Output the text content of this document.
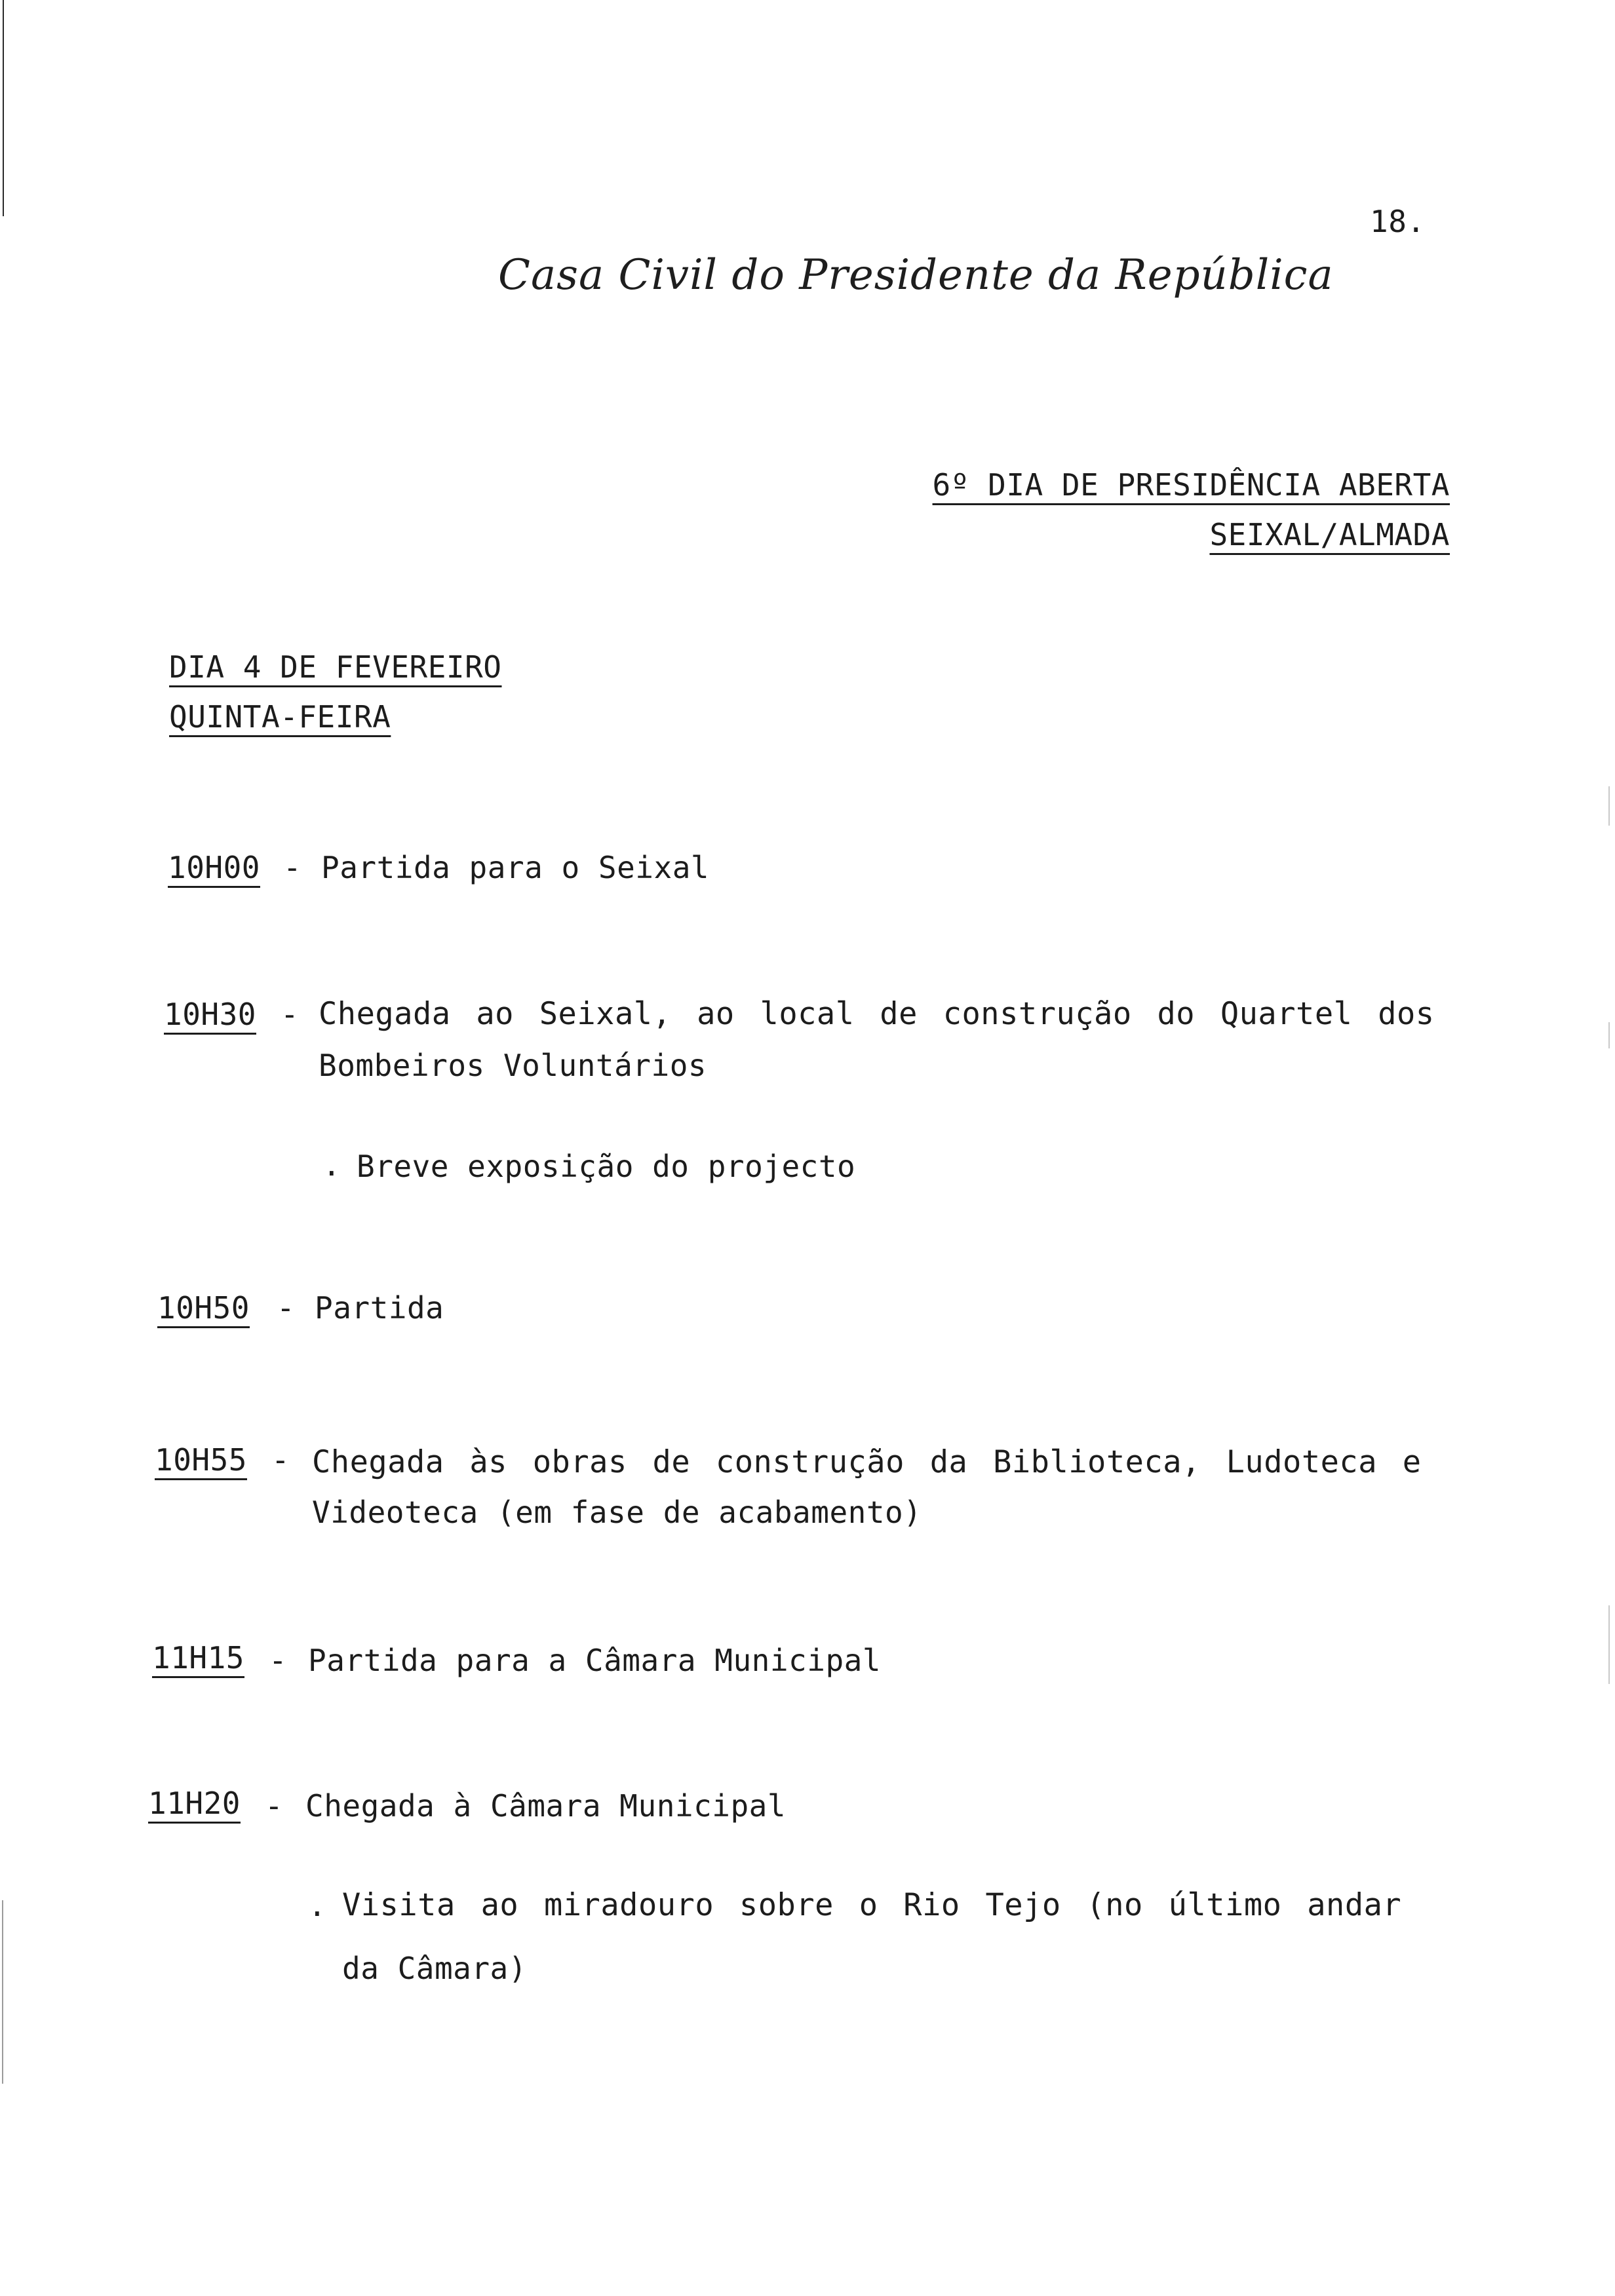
18.
Casa Civil do Presidente da República
6º DIA DE PRESIDÊNCIA ABERTA
SEIXAL/ALMADA
DIA 4 DE FEVEREIRO
QUINTA-FEIRA
10H00 - Partida para o Seixal
10H30 - Chegada ao Seixal, ao local de construção do Quartel dos
Bombeiros Voluntários
. Breve exposição do projecto
10H50 - Partida
10H55 - Chegada às obras de construção da Biblioteca, Ludoteca e
Videoteca (em fase de acabamento)
11H15 - Partida para a Câmara Municipal
11H20 - Chegada à Câmara Municipal
. Visita ao miradouro sobre o Rio Tejo (no último andar
da Câmara)
